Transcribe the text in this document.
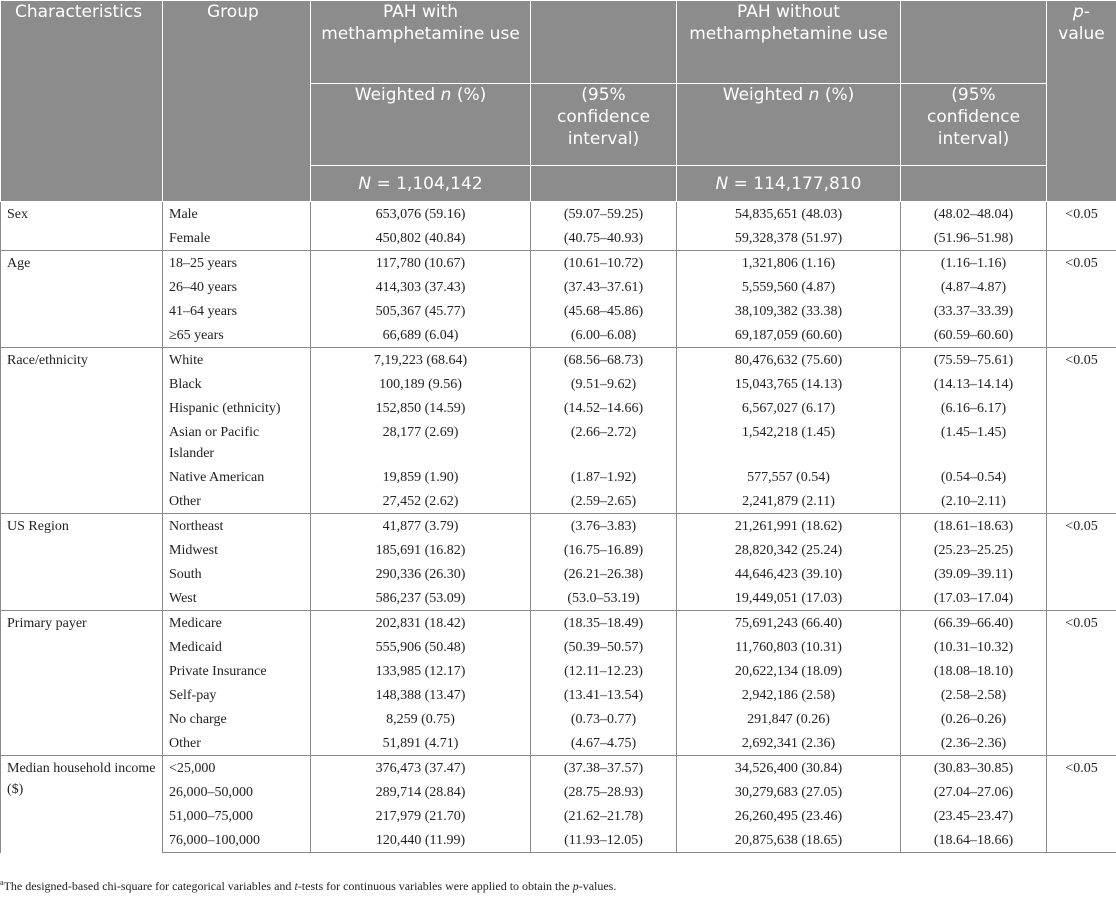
Characteristics	Group	PAH with methamphetamine use		PAH without methamphetamine use		p-value
		Weighted n (%)	(95% confidence interval)	Weighted n (%)	(95% confidence interval)	
		N = 1,104,142		N = 114,177,810		
Sex	Male	653,076 (59.16)	(59.07–59.25)	54,835,651 (48.03)	(48.02–48.04)	<0.05
	Female	450,802 (40.84)	(40.75–40.93)	59,328,378 (51.97)	(51.96–51.98)	
Age	18–25 years	117,780 (10.67)	(10.61–10.72)	1,321,806 (1.16)	(1.16–1.16)	<0.05
	26–40 years	414,303 (37.43)	(37.43–37.61)	5,559,560 (4.87)	(4.87–4.87)	
	41–64 years	505,367 (45.77)	(45.68–45.86)	38,109,382 (33.38)	(33.37–33.39)	
	≥65 years	66,689 (6.04)	(6.00–6.08)	69,187,059 (60.60)	(60.59–60.60)	
Race/ethnicity	White	7,19,223 (68.64)	(68.56–68.73)	80,476,632 (75.60)	(75.59–75.61)	<0.05
	Black	100,189 (9.56)	(9.51–9.62)	15,043,765 (14.13)	(14.13–14.14)	
	Hispanic (ethnicity)	152,850 (14.59)	(14.52–14.66)	6,567,027 (6.17)	(6.16–6.17)	
	Asian or Pacific Islander	28,177 (2.69)	(2.66–2.72)	1,542,218 (1.45)	(1.45–1.45)	
	Native American	19,859 (1.90)	(1.87–1.92)	577,557 (0.54)	(0.54–0.54)	
	Other	27,452 (2.62)	(2.59–2.65)	2,241,879 (2.11)	(2.10–2.11)	
US Region	Northeast	41,877 (3.79)	(3.76–3.83)	21,261,991 (18.62)	(18.61–18.63)	<0.05
	Midwest	185,691 (16.82)	(16.75–16.89)	28,820,342 (25.24)	(25.23–25.25)	
	South	290,336 (26.30)	(26.21–26.38)	44,646,423 (39.10)	(39.09–39.11)	
	West	586,237 (53.09)	(53.0–53.19)	19,449,051 (17.03)	(17.03–17.04)	
Primary payer	Medicare	202,831 (18.42)	(18.35–18.49)	75,691,243 (66.40)	(66.39–66.40)	<0.05
	Medicaid	555,906 (50.48)	(50.39–50.57)	11,760,803 (10.31)	(10.31–10.32)	
	Private Insurance	133,985 (12.17)	(12.11–12.23)	20,622,134 (18.09)	(18.08–18.10)	
	Self-pay	148,388 (13.47)	(13.41–13.54)	2,942,186 (2.58)	(2.58–2.58)	
	No charge	8,259 (0.75)	(0.73–0.77)	291,847 (0.26)	(0.26–0.26)	
	Other	51,891 (4.71)	(4.67–4.75)	2,692,341 (2.36)	(2.36–2.36)	
Median household income ($)	<25,000	376,473 (37.47)	(37.38–37.57)	34,526,400 (30.84)	(30.83–30.85)	<0.05
	26,000–50,000	289,714 (28.84)	(28.75–28.93)	30,279,683 (27.05)	(27.04–27.06)	
	51,000–75,000	217,979 (21.70)	(21.62–21.78)	26,260,495 (23.46)	(23.45–23.47)	
	76,000–100,000	120,440 (11.99)	(11.93–12.05)	20,875,638 (18.65)	(18.64–18.66)	
$^a$The designed-based chi-square for categorical variables and t-tests for continuous variables were applied to obtain the p-values.
